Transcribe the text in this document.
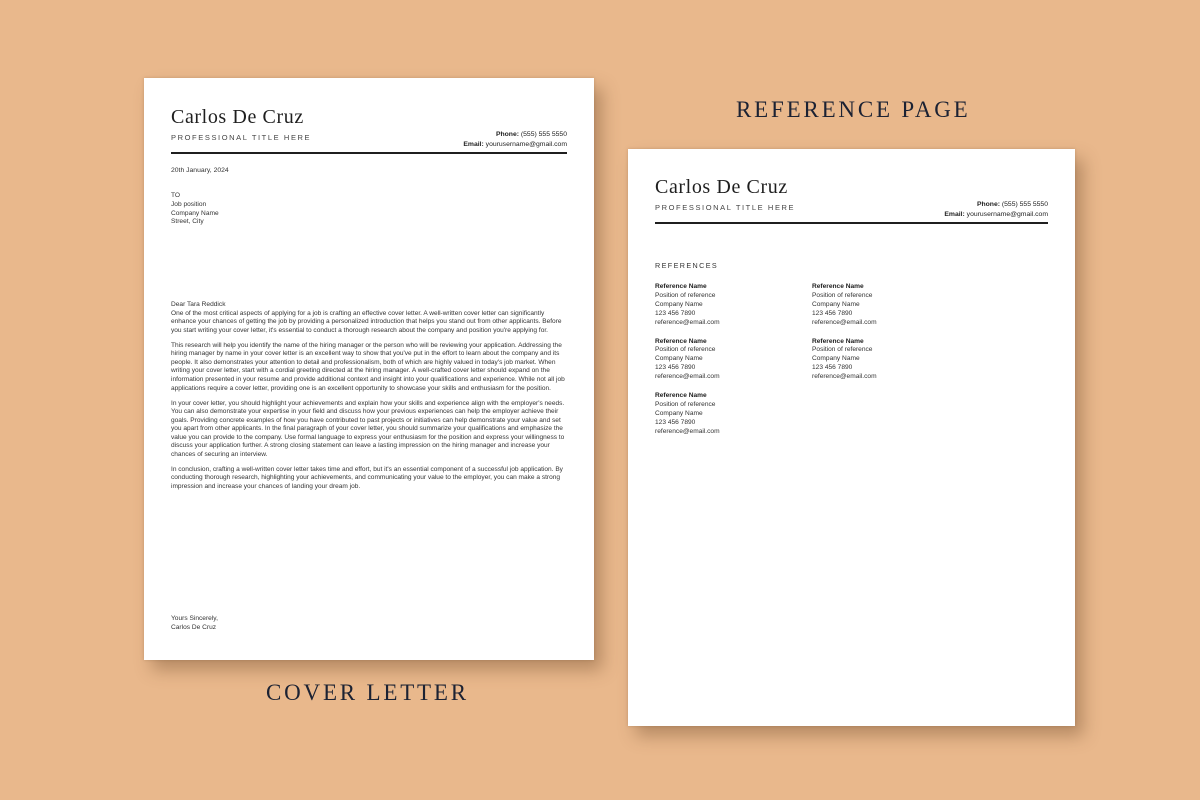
Carlos De Cruz
PROFESSIONAL TITLE HERE	Phone: (555) 555 5550
Email: yourusername@gmail.com
20th January, 2024
TO
Job position
Company Name
Street, City
Dear Tara Reddick

One of the most critical aspects of applying for a job is crafting an effective cover letter. A well-written cover letter can significantly enhance your chances of getting the job by providing a personalized introduction that helps you stand out from other applicants. Before you start writing your cover letter, it's essential to conduct a thorough research about the company and position you're applying for.

This research will help you identify the name of the hiring manager or the person who will be reviewing your application. Addressing the hiring manager by name in your cover letter is an excellent way to show that you've put in the effort to learn about the company and its people. It also demonstrates your attention to detail and professionalism, both of which are highly valued in today's job market. When writing your cover letter, start with a cordial greeting directed at the hiring manager. A well-crafted cover letter should expand on the information presented in your resume and provide additional context and insight into your qualifications and experience. While not all job applications require a cover letter, providing one is an excellent opportunity to showcase your skills and enthusiasm for the position.

In your cover letter, you should highlight your achievements and explain how your skills and experience align with the employer's needs. You can also demonstrate your expertise in your field and discuss how your previous experiences can help the employer achieve their goals. Providing concrete examples of how you have contributed to past projects or initiatives can help demonstrate your value and set you apart from other applicants. In the final paragraph of your cover letter, you should summarize your qualifications and emphasize the value you can provide to the company. Use formal language to express your enthusiasm for the position and express your willingness to discuss your application further. A strong closing statement can leave a lasting impression on the hiring manager and increase your chances of securing an interview.

In conclusion, crafting a well-written cover letter takes time and effort, but it's an essential component of a successful job application. By conducting thorough research, highlighting your achievements, and communicating your value to the employer, you can make a strong impression and increase your chances of landing your dream job.

Yours Sincerely,
Carlos De Cruz
Carlos De Cruz
PROFESSIONAL TITLE HERE	Phone: (555) 555 5550
Email: yourusername@gmail.com
REFERENCES
Reference Name
Position of reference
Company Name
123 456 7890
reference@email.com
Reference Name
Position of reference
Company Name
123 456 7890
reference@email.com
Reference Name
Position of reference
Company Name
123 456 7890
reference@email.com
Reference Name
Position of reference
Company Name
123 456 7890
reference@email.com
Reference Name
Position of reference
Company Name
123 456 7890
reference@email.com
REFERENCE PAGE
COVER LETTER
